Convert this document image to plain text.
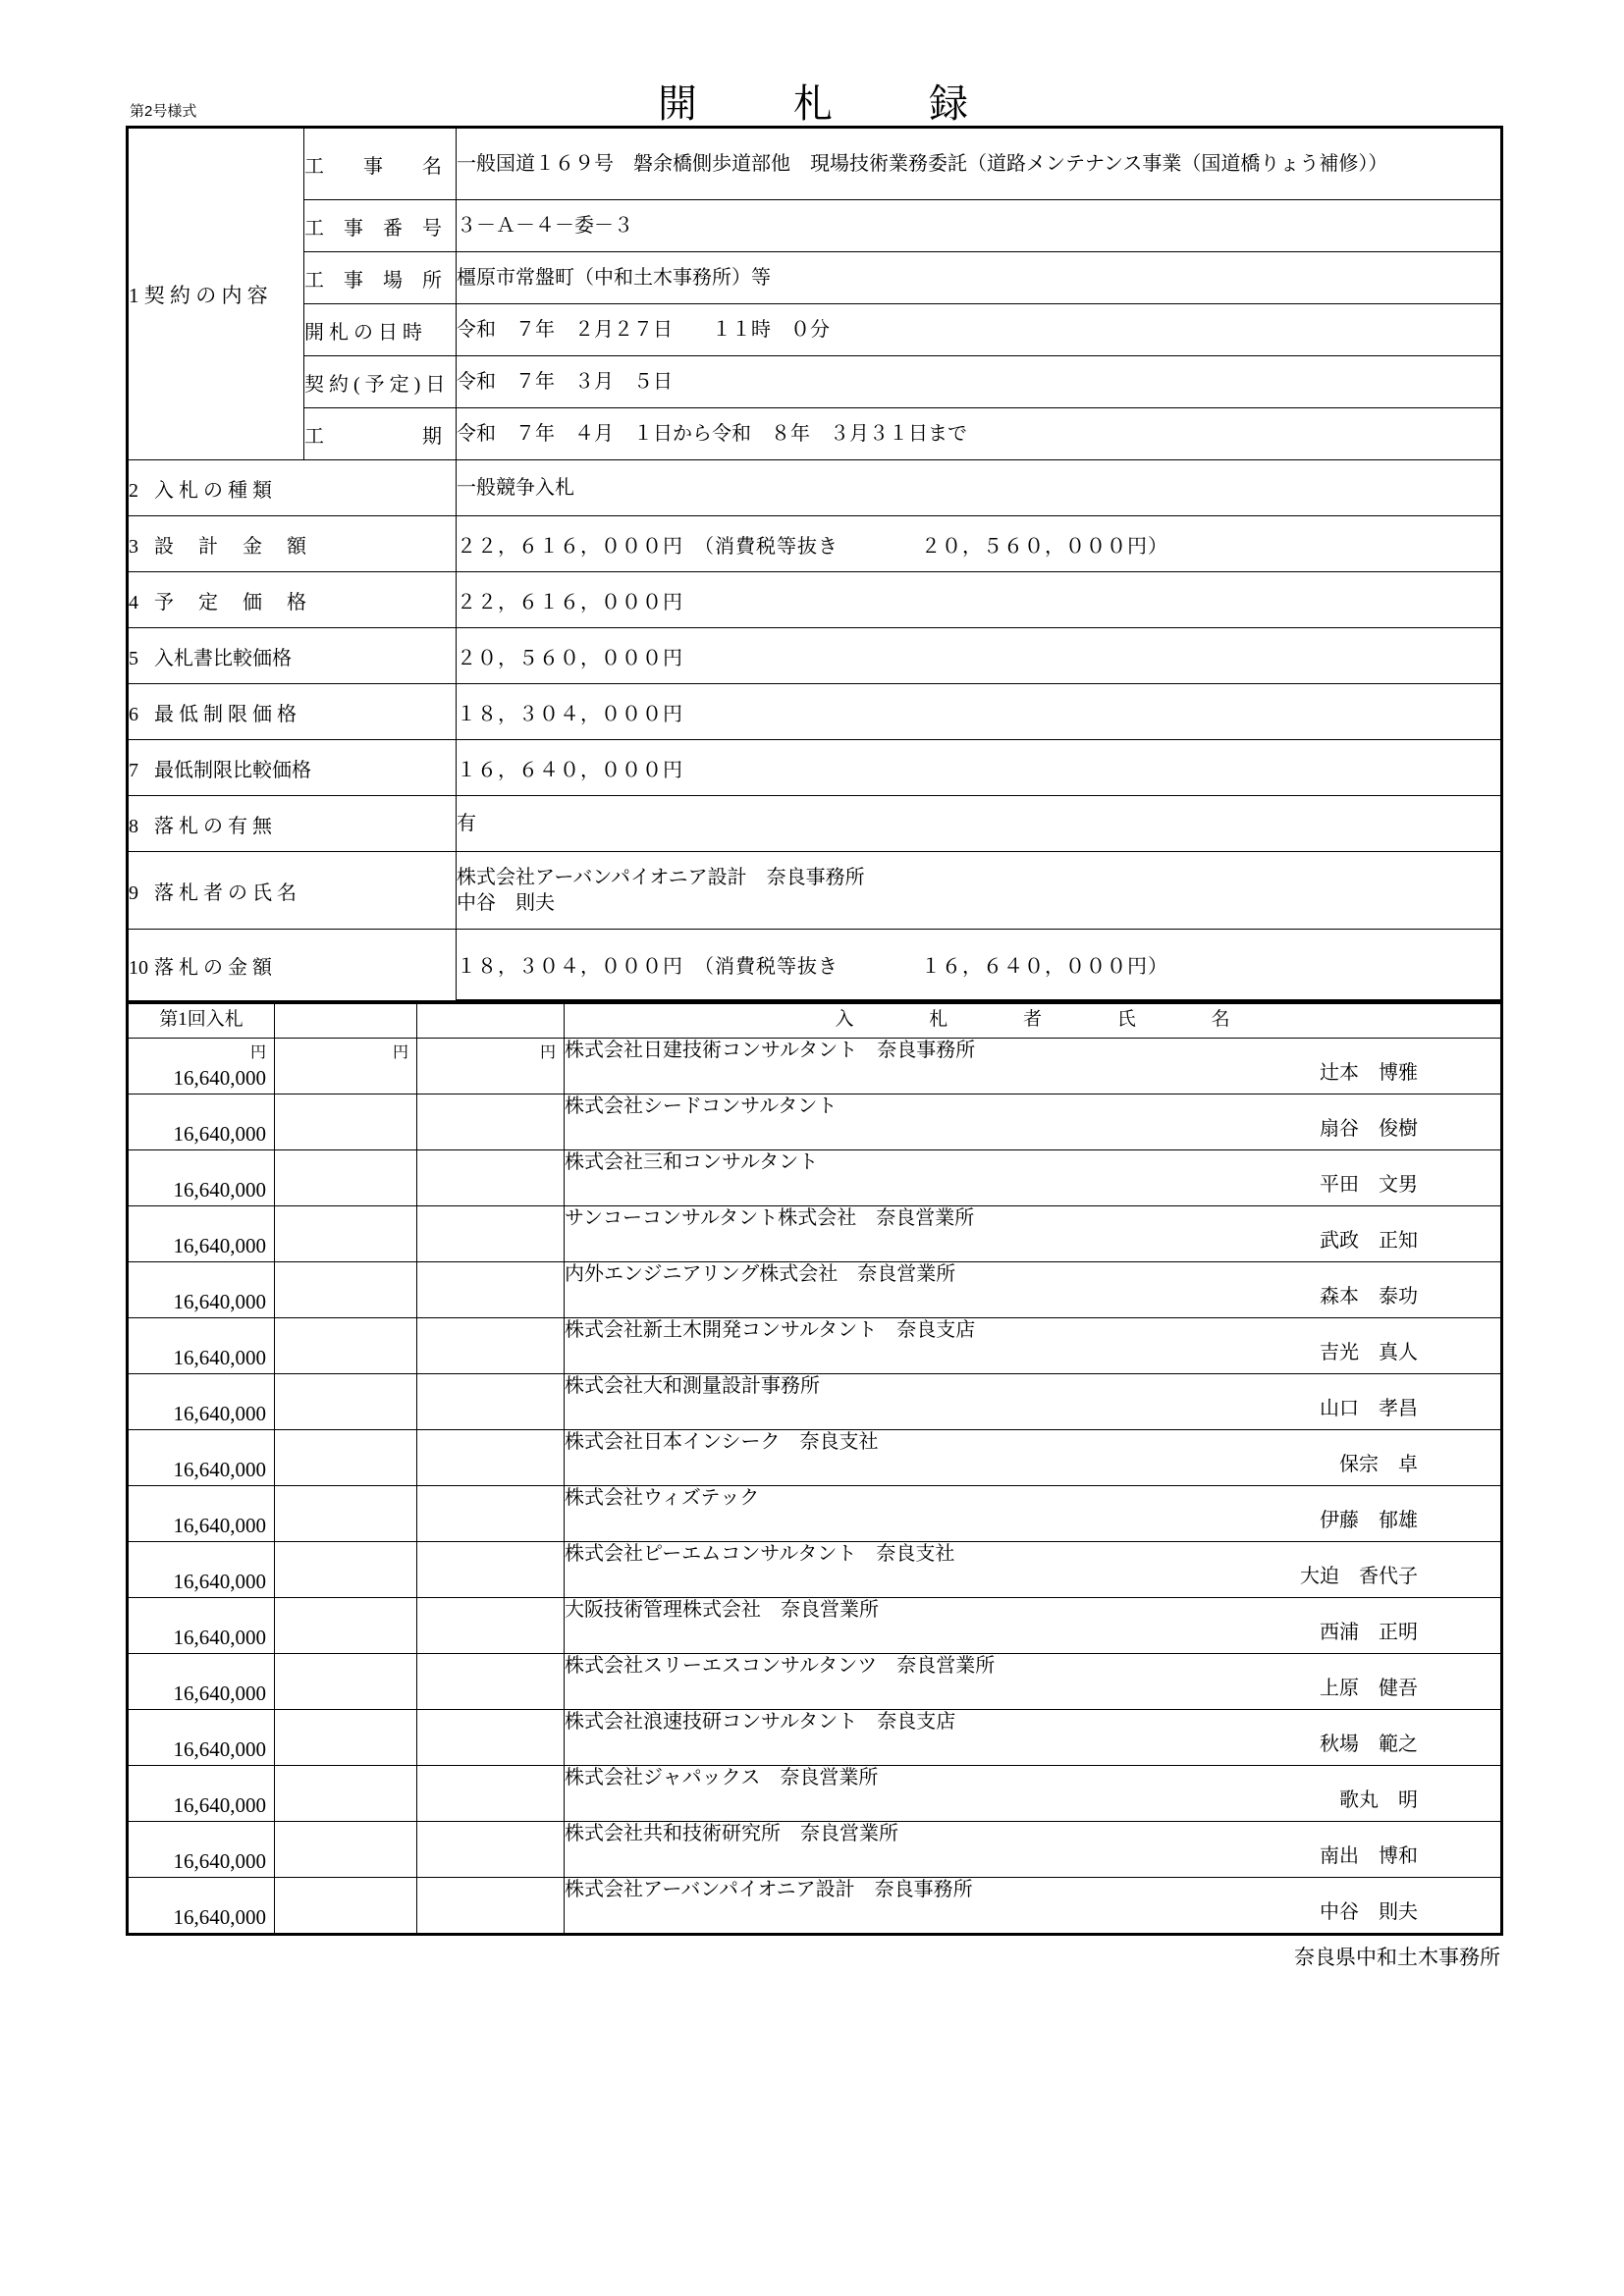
第2号様式	開 札 録
1 契 約 の 内 容	工　　事　　名	一般国道１６９号　磐余橋側歩道部他　現場技術業務委託（道路メンテナンス事業（国道橋りょう補修））
	工　事　番　号	３－Ａ－４－委－３
	工　事　場　所	橿原市常盤町（中和土木事務所）等
	開 札 の 日 時	令和　７年　２月２７日　　１１時　０分
	契 約 ( 予 定 ) 日	令和　７年　３月　５日
	工　　　　　期	令和　７年　４月　１日から令和　８年　３月３１日まで
2 入 札 の 種 類		一般競争入札
3 設 　計 　金 　額		２２，６１６，０００円　（消費税等抜き　　　　２０，５６０，０００円）
4 予 　定 　価 　格		２２，６１６，０００円
5 入札書比較価格		２０，５６０，０００円
6 最 低 制 限 価 格		１８，３０４，０００円
7 最低制限比較価格		１６，６４０，０００円
8 落 札 の 有 無		有
9 落 札 者 の 氏 名		株式会社アーバンパイオニア設計　奈良事務所
中谷　則夫
10 落 札 の 金 額		１８，３０４，０００円　（消費税等抜き　　　　１６，６４０，０００円）
第1回入札			入 札 者 氏 名

円
16,640,000	円	円	株式会社日建技術コンサルタント　奈良事務所
辻本　博雅

16,640,000			株式会社シードコンサルタント
扇谷　俊樹

16,640,000			株式会社三和コンサルタント
平田　文男

16,640,000			サンコーコンサルタント株式会社　奈良営業所
武政　正知

16,640,000			内外エンジニアリング株式会社　奈良営業所
森本　泰功

16,640,000			株式会社新土木開発コンサルタント　奈良支店
吉光　真人

16,640,000			株式会社大和測量設計事務所
山口　孝昌

16,640,000			株式会社日本インシーク　奈良支社
保宗　卓

16,640,000			株式会社ウィズテック
伊藤　郁雄

16,640,000			株式会社ピーエムコンサルタント　奈良支社
大迫　香代子

16,640,000			大阪技術管理株式会社　奈良営業所
西浦　正明

16,640,000			株式会社スリーエスコンサルタンツ　奈良営業所
上原　健吾

16,640,000			株式会社浪速技研コンサルタント　奈良支店
秋場　範之

16,640,000			株式会社ジャパックス　奈良営業所
歌丸　明

16,640,000			株式会社共和技術研究所　奈良営業所
南出　博和

16,640,000			株式会社アーバンパイオニア設計　奈良事務所
中谷　則夫
奈良県中和土木事務所
